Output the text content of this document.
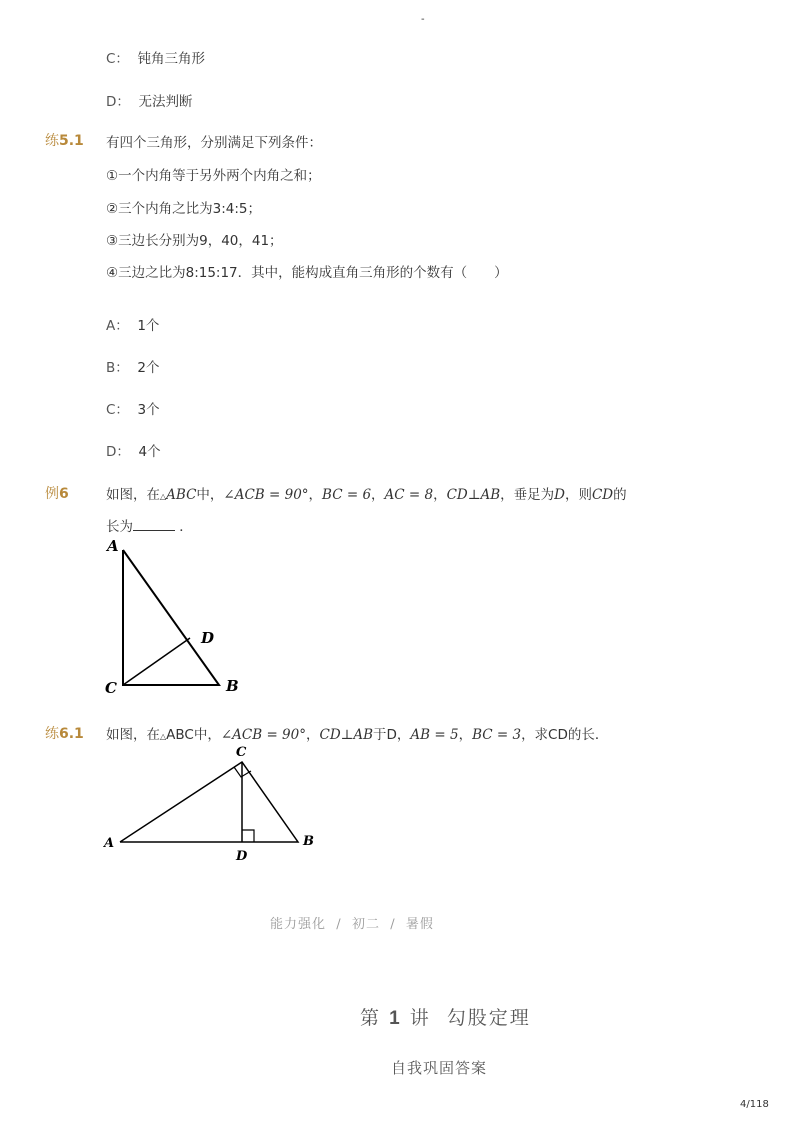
-
C： 钝角三角形
D： 无法判断
练5.1 有四个三角形，分别满足下列条件：
①一个内角等于另外两个内角之和；
②三个内角之比为3:4:5；
③三边长分别为9，40，41；
④三边之比为8:15:17．其中，能构成直角三角形的个数有（　　）
A： 1个
B： 2个
C： 3个
D： 4个
例6	如图，在△ABC中，∠ACB = 90°，BC = 6，AC = 8，CD⊥AB，垂足为D，则CD的
长为	．
A
C	B
D
练6.1 如图，在△ABC中，∠ACB = 90°，CD⊥AB于D，AB = 5，BC = 3，求CD的长．
C
A	B
D
能力强化 / 初二 / 暑假
第 1 讲 勾股定理
自我巩固答案
4/118
